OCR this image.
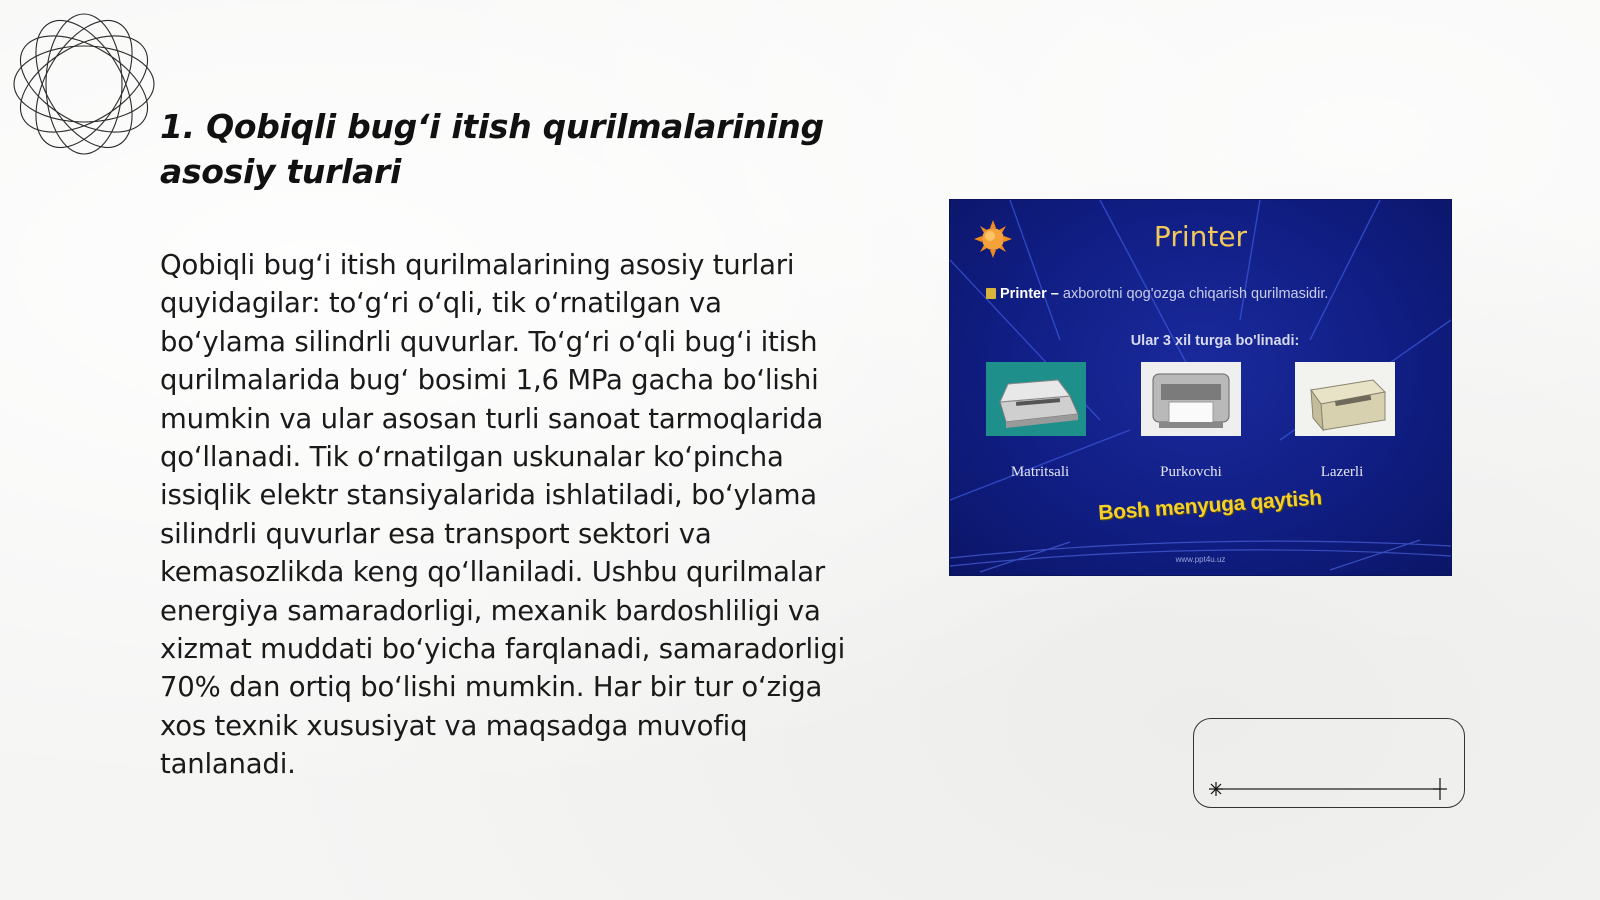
1. Qobiqli bug‘i itish qurilmalarining asosiy turlari

Qobiqli bug‘i itish qurilmalarining asosiy turlari quyidagilar: to‘g‘ri o‘qli, tik o‘rnatilgan va bo‘ylama silindrli quvurlar. To‘g‘ri o‘qli bug‘i itish qurilmalarida bug‘ bosimi 1,6 MPa gacha bo‘lishi mumkin va ular asosan turli sanoat tarmoqlarida qo‘llanadi. Tik o‘rnatilgan uskunalar ko‘pincha issiqlik elektr stansiyalarida ishlatiladi, bo‘ylama silindrli quvurlar esa transport sektori va kemasozlikda keng qo‘llaniladi. Ushbu qurilmalar energiya samaradorligi, mexanik bardoshliligi va xizmat muddati bo‘yicha farqlanadi, samaradorligi 70% dan ortiq bo‘lishi mumkin. Har bir tur o‘ziga xos texnik xususiyat va maqsadga muvofiq tanlanadi.

Printer
Printer – axborotni qog'ozga chiqarish qurilmasidir.
Ular 3 xil turga bo'linadi:
Matritsali	Purkovchi	Lazerli
Bosh menyuga qaytish
www.ppt4u.uz
